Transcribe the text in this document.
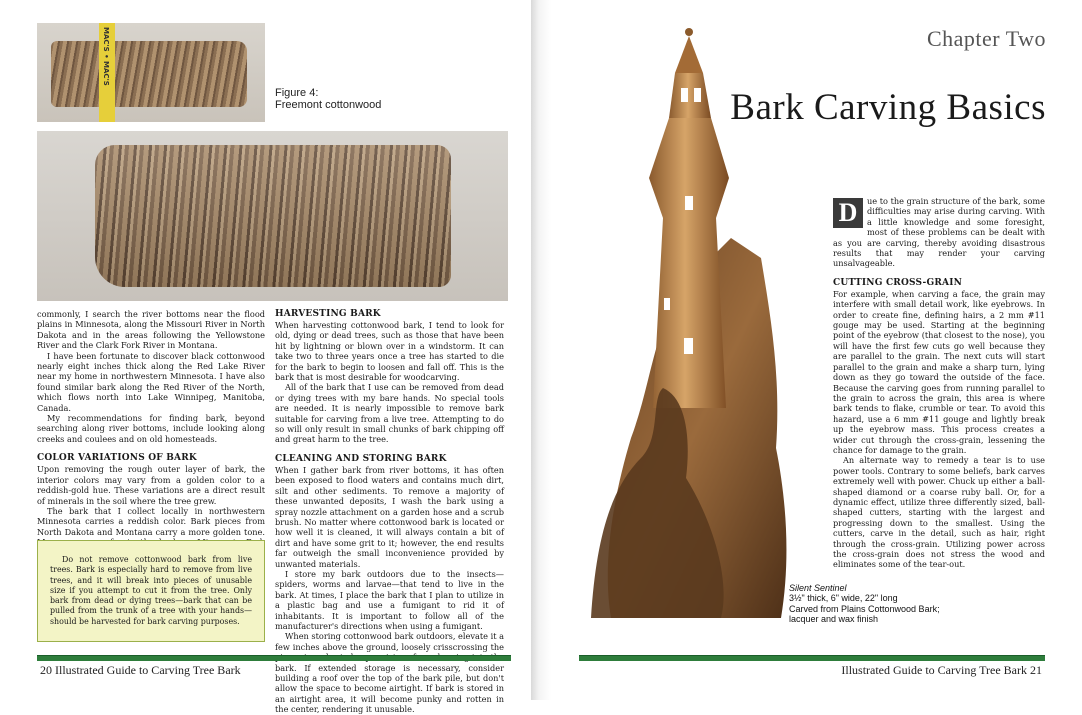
MAC'S • MAC'S
Figure 4:
Freemont cottonwood

commonly, I search the river bottoms near the flood plains in Minnesota, along the Missouri River in North Dakota and in the areas following the Yellowstone River and the Clark Fork River in Montana.

I have been fortunate to discover black cottonwood nearly eight inches thick along the Red Lake River near my home in northwestern Minnesota. I have also found similar bark along the Red River of the North, which flows north into Lake Winnipeg, Manitoba, Canada.

My recommendations for finding bark, beyond searching along river bottoms, include looking along creeks and coulees and on old homesteads.

COLOR VARIATIONS OF BARK

Upon removing the rough outer layer of bark, the interior colors may vary from a golden color to a reddish-gold hue. These variations are a direct result of minerals in the soil where the tree grew.

The bark that I collect locally in northwestern Minnesota carries a reddish color. Bark pieces from North Dakota and Montana carry a more golden tone.

Do not remove cottonwood bark from live trees. Bark is especially hard to remove from live trees, and it will break into pieces of unusable size if you attempt to cut it from the tree. Only bark from dead or dying trees—bark that can be pulled from the trunk of a tree with your hands—should be harvested for bark carving purposes.

HARVESTING BARK

When harvesting cottonwood bark, I tend to look for old, dying or dead trees, such as those that have been hit by lightning or blown over in a windstorm. It can take two to three years once a tree has started to die for the bark to begin to loosen and fall off. This is the bark that is most desirable for woodcarving.

All of the bark that I use can be removed from dead or dying trees with my bare hands. No special tools are needed. It is nearly impossible to remove bark suitable for carving from a live tree. Attempting to do so will only result in small chunks of bark chipping off and great harm to the tree.

CLEANING AND STORING BARK

When I gather bark from river bottoms, it has often been exposed to flood waters and contains much dirt, silt and other sediments. To remove a majority of these unwanted deposits, I wash the bark using a spray nozzle attachment on a garden hose and a scrub brush. No matter where cottonwood bark is located or how well it is cleaned, it will always contain a bit of dirt and have some grit to it; however, the end results far outweigh the small inconvenience provided by unwanted materials.

I store my bark outdoors due to the insects—spiders, worms and larvae—that tend to live in the bark. At times, I place the bark that I plan to utilize in a plastic bag and use a fumigant to rid it of inhabitants. It is important to follow all of the manufacturer's directions when using a fumigant.

When storing cottonwood bark outdoors, elevate it a few inches above the ground, loosely crisscrossing the bark. If extended storage is necessary, consider building a roof over the top of the bark pile, but don't allow the space to become airtight. If bark is stored in an airtight area, it will become punky and rotten in the center, rendering it unusable.

20 Illustrated Guide to Carving Tree Bark
Chapter Two
Bark Carving Basics
D	ue to the grain structure of the bark, some difficulties may arise during carving. With a little knowledge and some foresight, most of these problems can be dealt with as you are carving, thereby avoiding disastrous results that may render your carving unsalvageable.
CUTTING CROSS-GRAIN

For example, when carving a face, the grain may interfere with small detail work, like eyebrows. In order to create fine, defining hairs, a 2 mm #11 gouge may be used. Starting at the beginning point of the eyebrow (that closest to the nose), you will have the first few cuts go well because they are parallel to the grain. The next cuts will start parallel to the grain and make a sharp turn, lying down as they go toward the outside of the face. Because the carving goes from running parallel to the grain to across the grain, this area is where bark tends to flake, crumble or tear. To avoid this hazard, use a 6 mm #11 gouge and lightly break up the eyebrow mass. This process creates a wider cut through the cross-grain, lessening the chance for damage to the grain.

An alternate way to remedy a tear is to use power tools. Contrary to some beliefs, bark carves extremely well with power. Chuck up either a ball-shaped diamond or a coarse ruby ball. Or, for a dynamic effect, utilize three differently sized, ball-shaped cutters, starting with the largest and progressing down to the smallest. Using the cutters, carve in the detail, such as hair, right through the cross-grain. Utilizing power across the cross-grain does not stress the wood and eliminates some of the tear-out.

Silent Sentinel
3½" thick, 6" wide, 22" long
Carved from Plains Cottonwood Bark;
lacquer and wax finish
Illustrated Guide to Carving Tree Bark 21
